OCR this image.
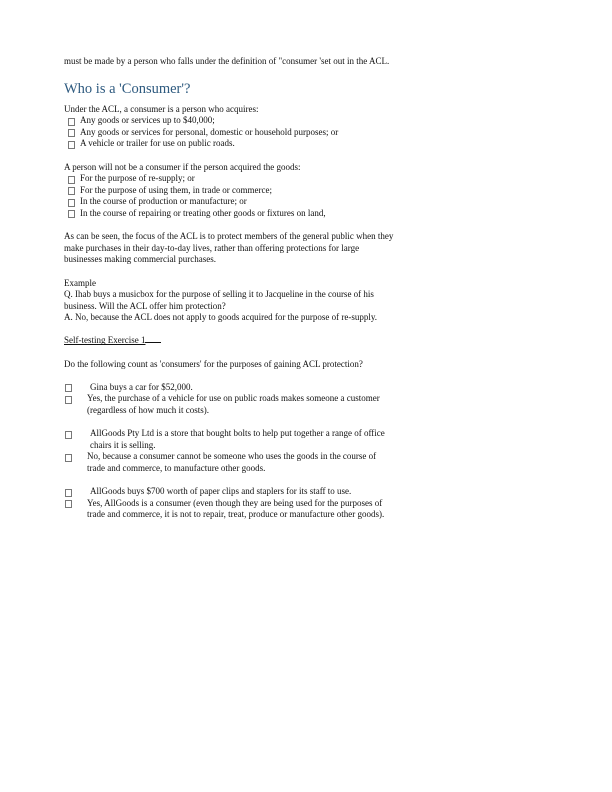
must be made by a person who falls under the definition of "consumer 'set out in the ACL.

Who is a 'Consumer'?

Under the ACL, a consumer is a person who acquires:

Any goods or services up to $40,000;
Any goods or services for personal, domestic or household purposes; or
A vehicle or trailer for use on public roads.

A person will not be a consumer if the person acquired the goods:

For the purpose of re-supply; or
For the purpose of using them, in trade or commerce;
In the course of production or manufacture; or
In the course of repairing or treating other goods or fixtures on land,

As can be seen, the focus of the ACL is to protect members of the general public when they make purchases in their day-to-day lives, rather than offering protections for large businesses making commercial purchases.

Example

Q. Ihab buys a musicbox for the purpose of selling it to Jacqueline in the course of his business. Will the ACL offer him protection?

A. No, because the ACL does not apply to goods acquired for the purpose of re-supply.

Self-testing Exercise 1

Do the following count as 'consumers' for the purposes of gaining ACL protection?

Gina buys a car for $52,000.

Yes, the purchase of a vehicle for use on public roads makes someone a customer (regardless of how much it costs).

AllGoods Pty Ltd is a store that bought bolts to help put together a range of office chairs it is selling.

No, because a consumer cannot be someone who uses the goods in the course of trade and commerce, to manufacture other goods.

AllGoods buys $700 worth of paper clips and staplers for its staff to use.

Yes, AllGoods is a consumer (even though they are being used for the purposes of trade and commerce, it is not to repair, treat, produce or manufacture other goods).
